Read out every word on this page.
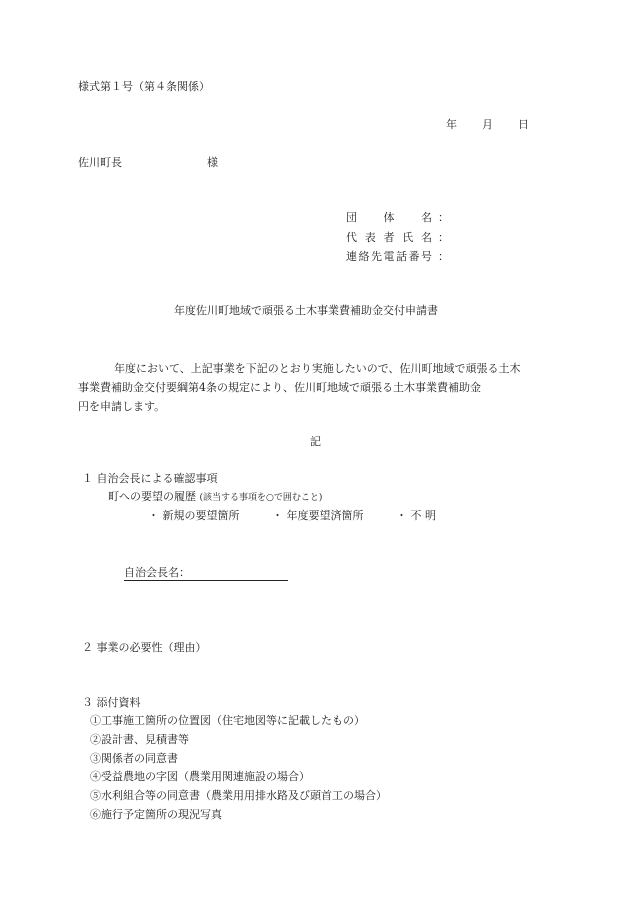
様式第１号（第４条関係）
年 月 日
佐川町長	様
団体名 ：
代表者氏名 ：
連絡先電話番号 ：
年度佐川町地域で頑張る土木事業費補助金交付申請書
年度において、上記事業を下記のとおり実施したいので、佐川町地域で頑張る土木
事業費補助金交付要綱第4条の規定により、佐川町地域で頑張る土木事業費補助金
円を申請します。
記
１ 自治会長による確認事項
町への要望の履歴 (該当する事項を○で囲むこと)
・ 新規の要望箇所	・ 年度要望済箇所	・ 不 明
自治会長名：
２ 事業の必要性（理由）
３ 添付資料
①工事施工箇所の位置図（住宅地図等に記載したもの）
②設計書、見積書等
③関係者の同意書
④受益農地の字図（農業用関連施設の場合）
⑤水利組合等の同意書（農業用用排水路及び頭首工の場合）
⑥施行予定箇所の現況写真
